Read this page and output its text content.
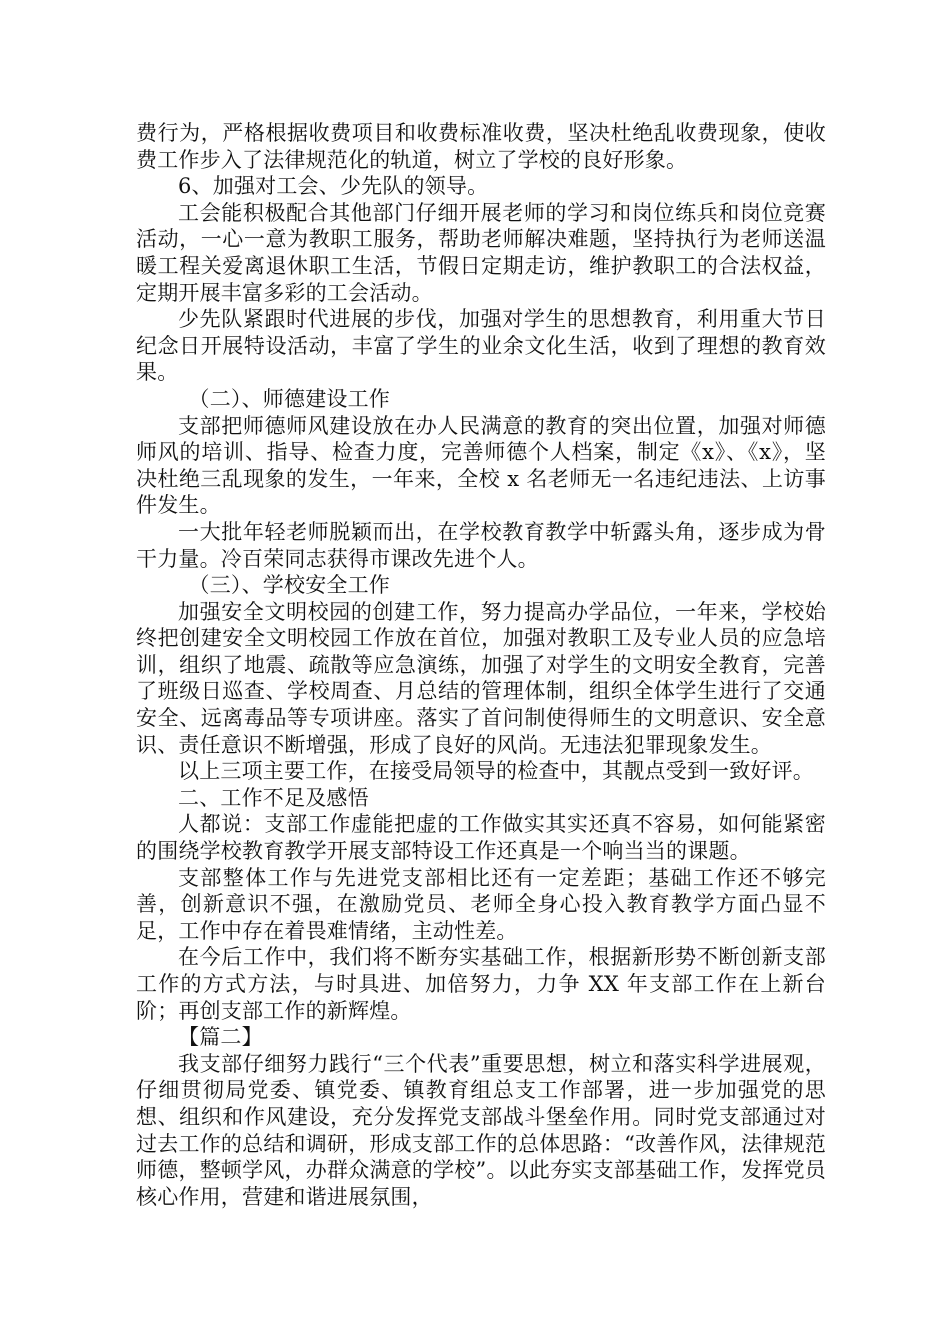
费行为，严格根据收费项目和收费标准收费，坚决杜绝乱收费现象，使收费工作步入了法律规范化的轨道，树立了学校的良好形象。

6、加强对工会、少先队的领导。

工会能积极配合其他部门仔细开展老师的学习和岗位练兵和岗位竞赛活动，一心一意为教职工服务，帮助老师解决难题，坚持执行为老师送温暖工程关爱离退休职工生活，节假日定期走访，维护教职工的合法权益，定期开展丰富多彩的工会活动。

少先队紧跟时代进展的步伐，加强对学生的思想教育，利用重大节日纪念日开展特设活动，丰富了学生的业余文化生活，收到了理想的教育效果。

（二）、师德建设工作

支部把师德师风建设放在办人民满意的教育的突出位置，加强对师德师风的培训、指导、检查力度，完善师德个人档案，制定《x》、《x》，坚决杜绝三乱现象的发生，一年来，全校 x 名老师无一名违纪违法、上访事件发生。

一大批年轻老师脱颖而出，在学校教育教学中斩露头角，逐步成为骨干力量。冷百荣同志获得市课改先进个人。

（三）、学校安全工作

加强安全文明校园的创建工作，努力提高办学品位，一年来，学校始终把创建安全文明校园工作放在首位，加强对教职工及专业人员的应急培训，组织了地震、疏散等应急演练，加强了对学生的文明安全教育，完善了班级日巡查、学校周查、月总结的管理体制，组织全体学生进行了交通安全、远离毒品等专项讲座。落实了首问制使得师生的文明意识、安全意识、责任意识不断增强，形成了良好的风尚。无违法犯罪现象发生。

以上三项主要工作，在接受局领导的检查中，其靓点受到一致好评。

二、工作不足及感悟

人都说：支部工作虚能把虚的工作做实其实还真不容易，如何能紧密的围绕学校教育教学开展支部特设工作还真是一个响当当的课题。

支部整体工作与先进党支部相比还有一定差距；基础工作还不够完善，创新意识不强，在激励党员、老师全身心投入教育教学方面凸显不足，工作中存在着畏难情绪，主动性差。

在今后工作中，我们将不断夯实基础工作，根据新形势不断创新支部工作的方式方法，与时具进、加倍努力，力争 XX 年支部工作在上新台阶；再创支部工作的新辉煌。

【篇二】

我支部仔细努力践行“三个代表”重要思想，树立和落实科学进展观，仔细贯彻局党委、镇党委、镇教育组总支工作部署，进一步加强党的思想、组织和作风建设，充分发挥党支部战斗堡垒作用。同时党支部通过对过去工作的总结和调研，形成支部工作的总体思路：“改善作风，法律规范师德，整顿学风，办群众满意的学校”。以此夯实支部基础工作，发挥党员核心作用，营建和谐进展氛围，
